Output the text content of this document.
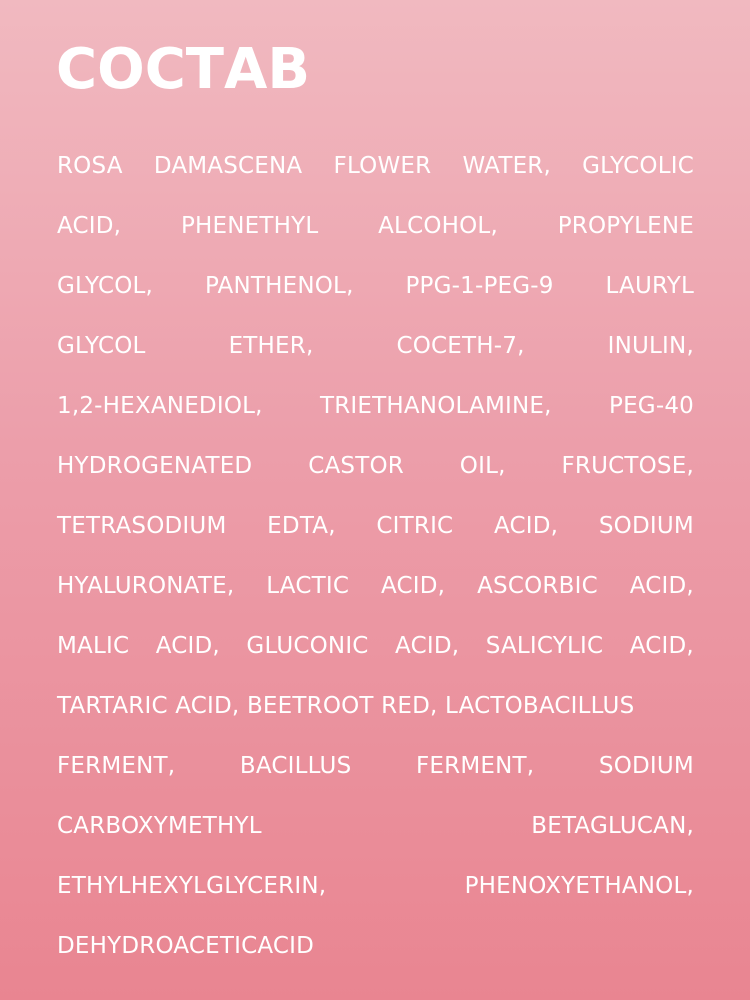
СОСТАВ
ROSA DAMASCENA FLOWER WATER, GLYCOLIC
ACID,	PHENETHYL	ALCOHOL,	PROPYLENE
GLYCOL, PANTHENOL, PPG-1-PEG-9 LAURYL
GLYCOL	ETHER,	COCETH-7,	INULIN,
1,2-HEXANEDIOL, TRIETHANOLAMINE, PEG-40
HYDROGENATED CASTOR OIL, FRUCTOSE,
TETRASODIUM EDTA, CITRIC ACID, SODIUM
HYALURONATE, LACTIC ACID, ASCORBIC ACID,
MALIC ACID, GLUCONIC ACID, SALICYLIC ACID,
TARTARIC ACID, BEETROOT RED, LACTOBACILLUS
FERMENT,	BACILLUS	FERMENT,	SODIUM
CARBOXYMETHYL	BETAGLUCAN,
ETHYLHEXYLGLYCERIN,	PHENOXYETHANOL,
DEHYDROACETICACID
